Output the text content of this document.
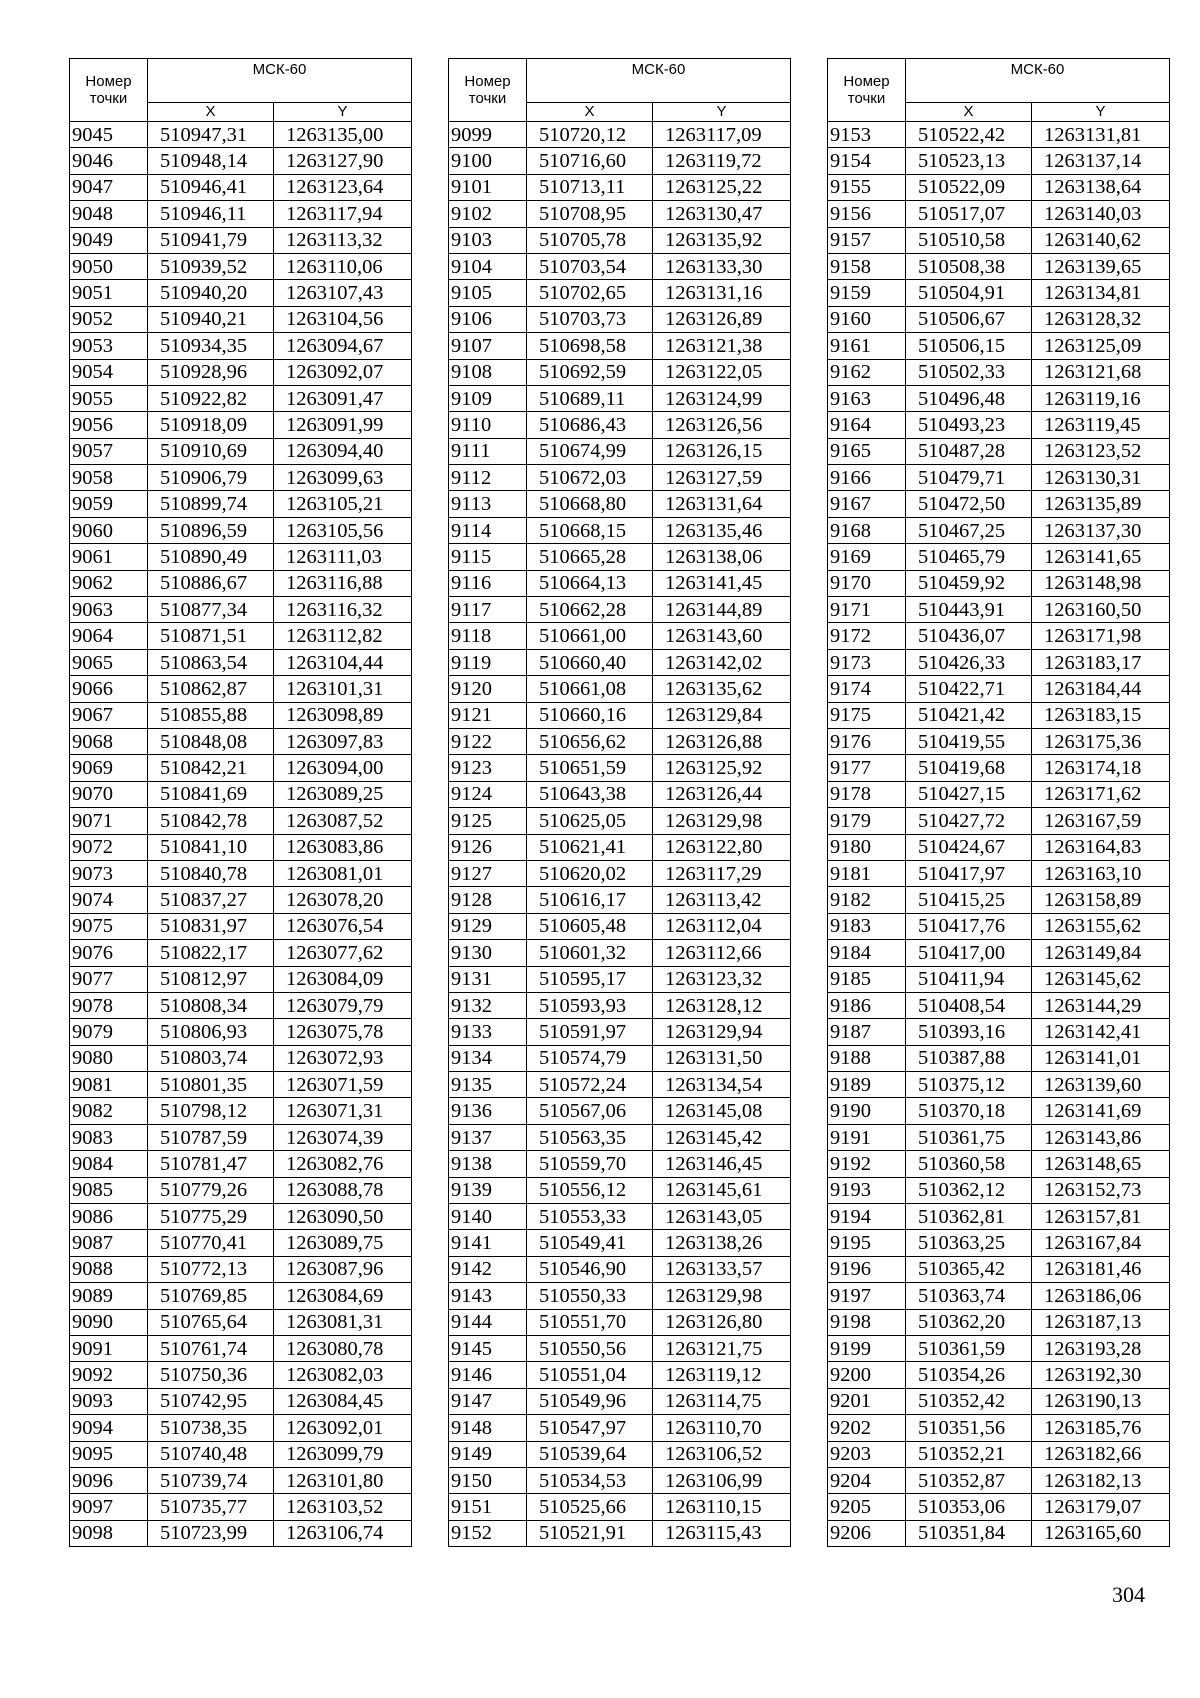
Номер точки	МСК-60	
	X	Y
9045	510947,31	1263135,00
9046	510948,14	1263127,90
9047	510946,41	1263123,64
9048	510946,11	1263117,94
9049	510941,79	1263113,32
9050	510939,52	1263110,06
9051	510940,20	1263107,43
9052	510940,21	1263104,56
9053	510934,35	1263094,67
9054	510928,96	1263092,07
9055	510922,82	1263091,47
9056	510918,09	1263091,99
9057	510910,69	1263094,40
9058	510906,79	1263099,63
9059	510899,74	1263105,21
9060	510896,59	1263105,56
9061	510890,49	1263111,03
9062	510886,67	1263116,88
9063	510877,34	1263116,32
9064	510871,51	1263112,82
9065	510863,54	1263104,44
9066	510862,87	1263101,31
9067	510855,88	1263098,89
9068	510848,08	1263097,83
9069	510842,21	1263094,00
9070	510841,69	1263089,25
9071	510842,78	1263087,52
9072	510841,10	1263083,86
9073	510840,78	1263081,01
9074	510837,27	1263078,20
9075	510831,97	1263076,54
9076	510822,17	1263077,62
9077	510812,97	1263084,09
9078	510808,34	1263079,79
9079	510806,93	1263075,78
9080	510803,74	1263072,93
9081	510801,35	1263071,59
9082	510798,12	1263071,31
9083	510787,59	1263074,39
9084	510781,47	1263082,76
9085	510779,26	1263088,78
9086	510775,29	1263090,50
9087	510770,41	1263089,75
9088	510772,13	1263087,96
9089	510769,85	1263084,69
9090	510765,64	1263081,31
9091	510761,74	1263080,78
9092	510750,36	1263082,03
9093	510742,95	1263084,45
9094	510738,35	1263092,01
9095	510740,48	1263099,79
9096	510739,74	1263101,80
9097	510735,77	1263103,52
9098	510723,99	1263106,74
Номер точки	МСК-60	
	X	Y
9099	510720,12	1263117,09
9100	510716,60	1263119,72
9101	510713,11	1263125,22
9102	510708,95	1263130,47
9103	510705,78	1263135,92
9104	510703,54	1263133,30
9105	510702,65	1263131,16
9106	510703,73	1263126,89
9107	510698,58	1263121,38
9108	510692,59	1263122,05
9109	510689,11	1263124,99
9110	510686,43	1263126,56
9111	510674,99	1263126,15
9112	510672,03	1263127,59
9113	510668,80	1263131,64
9114	510668,15	1263135,46
9115	510665,28	1263138,06
9116	510664,13	1263141,45
9117	510662,28	1263144,89
9118	510661,00	1263143,60
9119	510660,40	1263142,02
9120	510661,08	1263135,62
9121	510660,16	1263129,84
9122	510656,62	1263126,88
9123	510651,59	1263125,92
9124	510643,38	1263126,44
9125	510625,05	1263129,98
9126	510621,41	1263122,80
9127	510620,02	1263117,29
9128	510616,17	1263113,42
9129	510605,48	1263112,04
9130	510601,32	1263112,66
9131	510595,17	1263123,32
9132	510593,93	1263128,12
9133	510591,97	1263129,94
9134	510574,79	1263131,50
9135	510572,24	1263134,54
9136	510567,06	1263145,08
9137	510563,35	1263145,42
9138	510559,70	1263146,45
9139	510556,12	1263145,61
9140	510553,33	1263143,05
9141	510549,41	1263138,26
9142	510546,90	1263133,57
9143	510550,33	1263129,98
9144	510551,70	1263126,80
9145	510550,56	1263121,75
9146	510551,04	1263119,12
9147	510549,96	1263114,75
9148	510547,97	1263110,70
9149	510539,64	1263106,52
9150	510534,53	1263106,99
9151	510525,66	1263110,15
9152	510521,91	1263115,43
Номер точки	МСК-60	
	X	Y
9153	510522,42	1263131,81
9154	510523,13	1263137,14
9155	510522,09	1263138,64
9156	510517,07	1263140,03
9157	510510,58	1263140,62
9158	510508,38	1263139,65
9159	510504,91	1263134,81
9160	510506,67	1263128,32
9161	510506,15	1263125,09
9162	510502,33	1263121,68
9163	510496,48	1263119,16
9164	510493,23	1263119,45
9165	510487,28	1263123,52
9166	510479,71	1263130,31
9167	510472,50	1263135,89
9168	510467,25	1263137,30
9169	510465,79	1263141,65
9170	510459,92	1263148,98
9171	510443,91	1263160,50
9172	510436,07	1263171,98
9173	510426,33	1263183,17
9174	510422,71	1263184,44
9175	510421,42	1263183,15
9176	510419,55	1263175,36
9177	510419,68	1263174,18
9178	510427,15	1263171,62
9179	510427,72	1263167,59
9180	510424,67	1263164,83
9181	510417,97	1263163,10
9182	510415,25	1263158,89
9183	510417,76	1263155,62
9184	510417,00	1263149,84
9185	510411,94	1263145,62
9186	510408,54	1263144,29
9187	510393,16	1263142,41
9188	510387,88	1263141,01
9189	510375,12	1263139,60
9190	510370,18	1263141,69
9191	510361,75	1263143,86
9192	510360,58	1263148,65
9193	510362,12	1263152,73
9194	510362,81	1263157,81
9195	510363,25	1263167,84
9196	510365,42	1263181,46
9197	510363,74	1263186,06
9198	510362,20	1263187,13
9199	510361,59	1263193,28
9200	510354,26	1263192,30
9201	510352,42	1263190,13
9202	510351,56	1263185,76
9203	510352,21	1263182,66
9204	510352,87	1263182,13
9205	510353,06	1263179,07
9206	510351,84	1263165,60
304
